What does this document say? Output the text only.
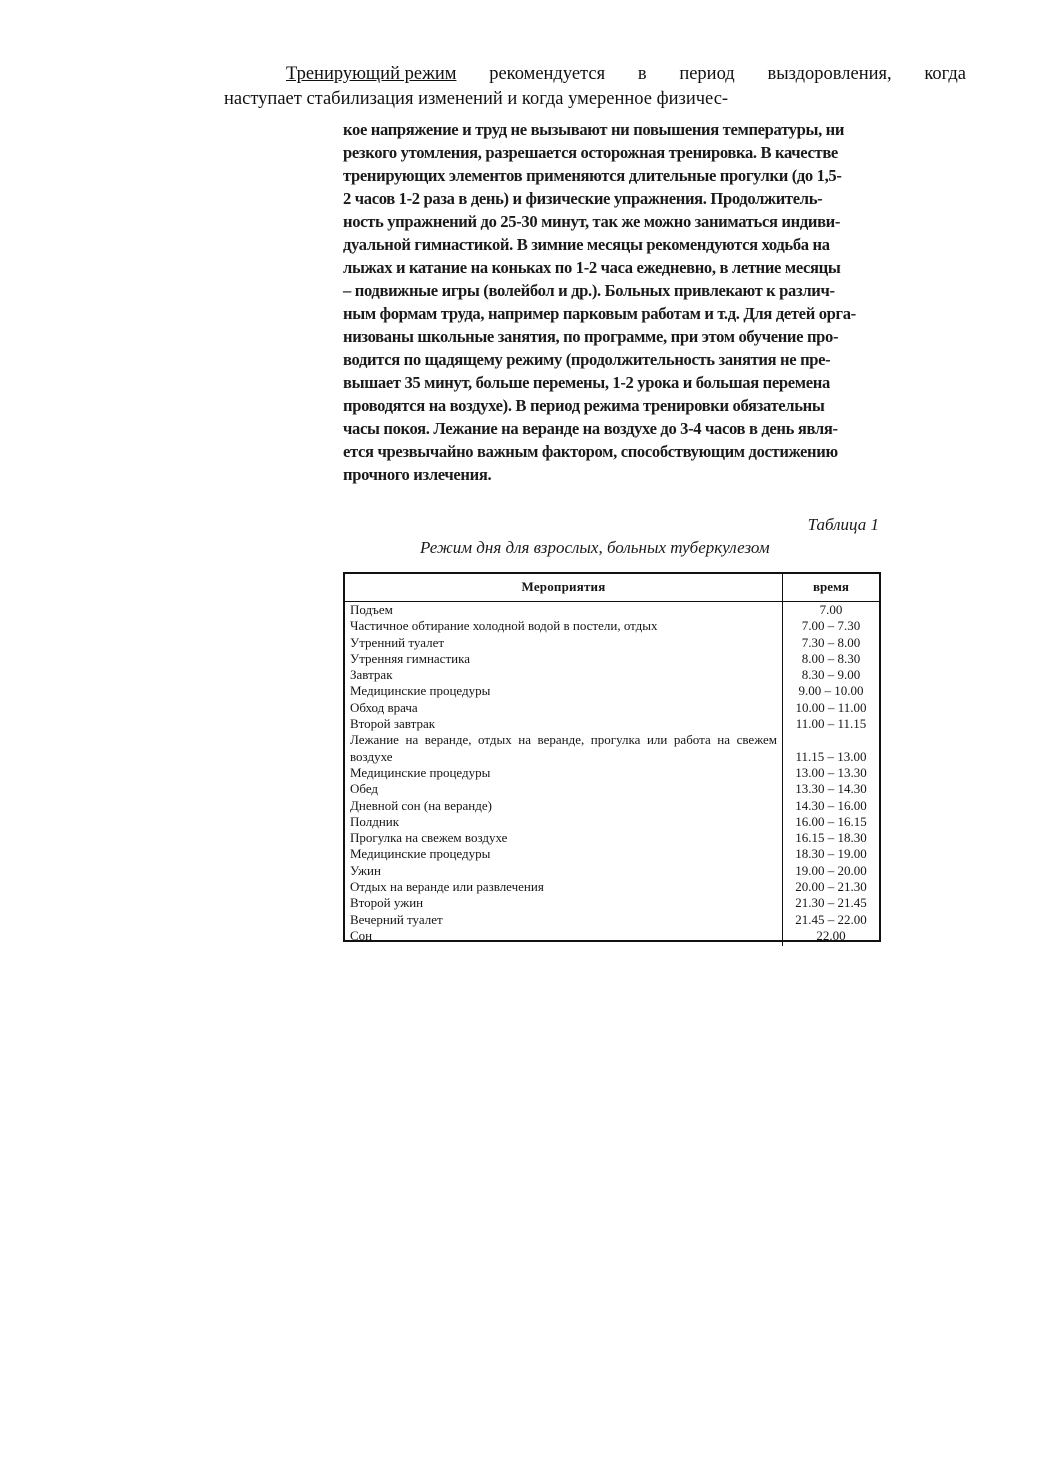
Тренирующий режим рекомендуется в период выздоровления, когда
наступает стабилизация изменений и когда умеренное физичес-
кое напряжение и труд не вызывают ни повышения температуры, ни
резкого утомления, разрешается осторожная тренировка. В качестве
тренирующих элементов применяются длительные прогулки (до 1,5-
2 часов 1-2 раза в день) и физические упражнения. Продолжитель-
ность упражнений до 25-30 минут, так же можно заниматься индиви-
дуальной гимнастикой. В зимние месяцы рекомендуются ходьба на
лыжах и катание на коньках по 1-2 часа ежедневно, в летние месяцы
– подвижные игры (волейбол и др.). Больных привлекают к различ-
ным формам труда, например парковым работам и т.д. Для детей орга-
низованы школьные занятия, по программе, при этом обучение про-
водится по щадящему режиму (продолжительность занятия не пре-
вышает 35 минут, больше перемены, 1-2 урока и большая перемена
проводятся на воздухе). В период режима тренировки обязательны
часы покоя. Лежание на веранде на воздухе до 3-4 часов в день явля-
ется чрезвычайно важным фактором, способствующим достижению
прочного излечения.
Таблица 1
Режим дня для взрослых, больных туберкулезом
Мероприятия	время
Подъем	7.00
Частичное обтирание холодной водой в постели, отдых	7.00 – 7.30
Утренний туалет	7.30 – 8.00
Утренняя гимнастика	8.00 – 8.30
Завтрак	8.30 – 9.00
Медицинские процедуры	9.00 – 10.00
Обход врача	10.00 – 11.00
Второй завтрак	11.00 – 11.15
Лежание на веранде, отдых на веранде, прогулка или работа на свежем воздухе	11.15 – 13.00
Медицинские процедуры	13.00 – 13.30
Обед	13.30 – 14.30
Дневной сон (на веранде)	14.30 – 16.00
Полдник	16.00 – 16.15
Прогулка на свежем воздухе	16.15 – 18.30
Медицинские процедуры	18.30 – 19.00
Ужин	19.00 – 20.00
Отдых на веранде или развлечения	20.00 – 21.30
Второй ужин	21.30 – 21.45
Вечерний туалет	21.45 – 22.00
Сон	22.00
